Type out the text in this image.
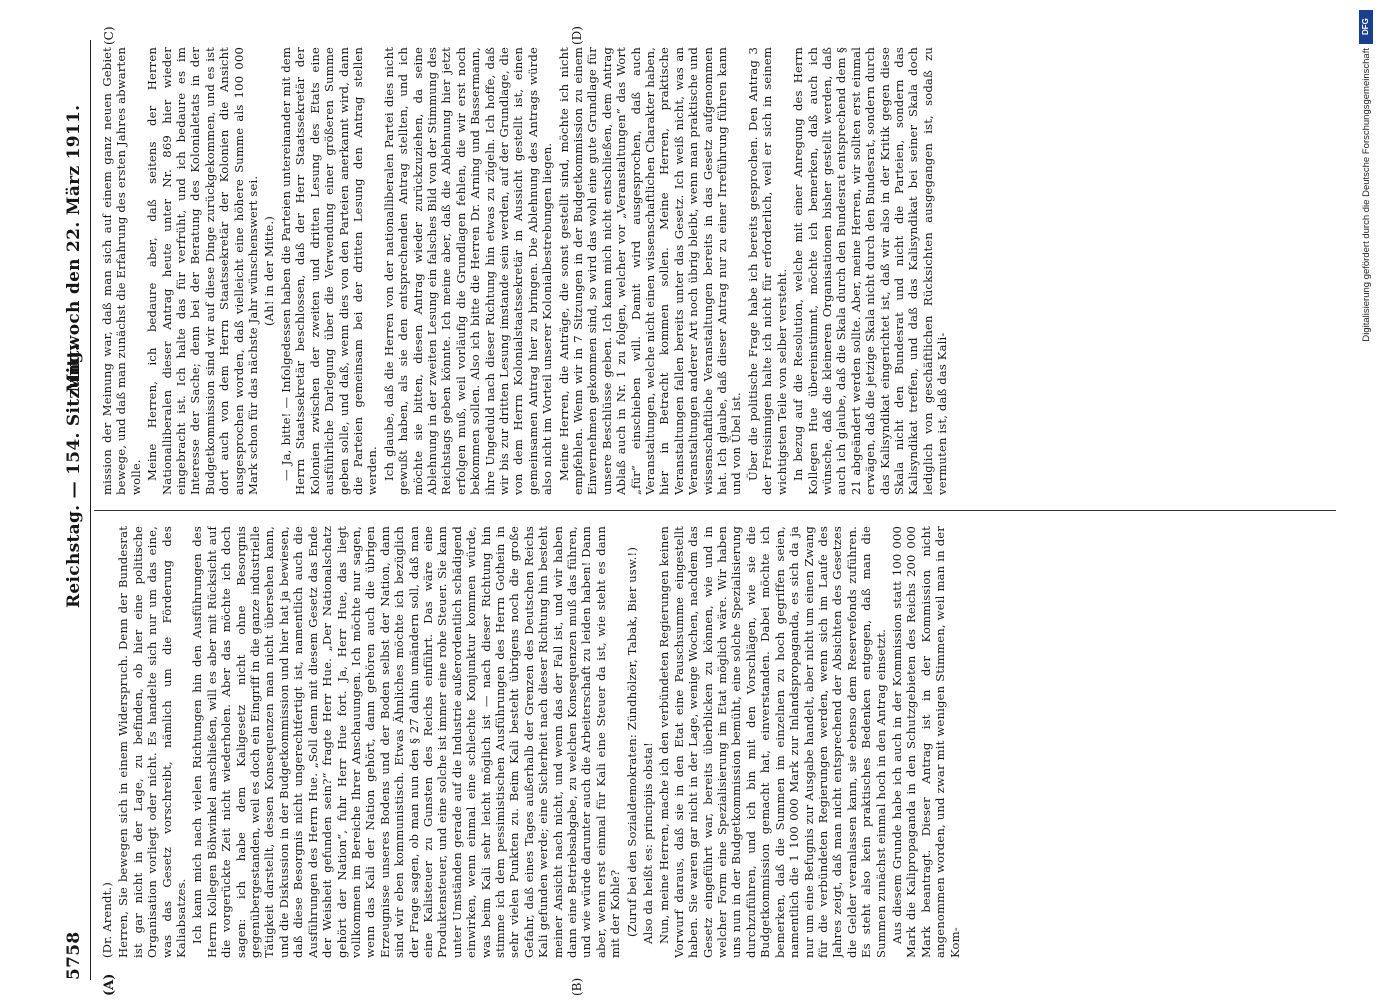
5758
Reichstag. — 154. Sitzung.
Mittwoch den 22. März 1911.
(A)	(B)
(C)	(D)

(Dr. Arendt.) Herren, Sie bewegen sich in einem Widerspruch. Denn der Bundesrat ist gar nicht in der Lage, zu befinden, ob hier eine politische Organisation vorliegt oder nicht. Es handelte sich nur um das eine, was das Gesetz vorschreibt, nämlich um die Förderung des Kaliabsatzes. Ich kann mich nach vielen Richtungen hin den Ausführungen des Herrn Kollegen Böhwinkel anschließen, will es aber mit Rücksicht auf die vorgerückte Zeit nicht wiederholen. Aber das möchte ich doch sagen: ich habe dem Kaligesetz nicht ohne Besorgnis gegenübergestanden, weil es doch ein Eingriff in die ganze industrielle Tätigkeit darstellt, dessen Konsequenzen man nicht übersehen kann, und die Diskussion in der Budgetkommission und hier hat ja bewiesen, daß diese Besorgnis nicht ungerechtfertigt ist, namentlich auch die Ausführungen des Herrn Hue. „Soll denn mit diesem Gesetz das Ende der Weisheit gefunden sein?“ fragte Herr Hue. „Der Nationalschatz gehört der Nation“, fuhr Herr Hue fort. Ja, Herr Hue, das liegt vollkommen im Bereiche Ihrer Anschauungen. Ich möchte nur sagen, wenn das Kali der Nation gehört, dann gehören auch die übrigen Erzeugnisse unseres Bodens und der Boden selbst der Nation, dann sind wir eben kommunistisch. Etwas Ähnliches möchte ich bezüglich der Frage sagen, ob man nun den § 27 dahin umändern soll, daß man eine Kalisteuer zu Gunsten des Reichs einführt. Das wäre eine Produktensteuer, und eine solche ist immer eine rohe Steuer. Sie kann unter Umständen gerade auf die Industrie außerordentlich schädigend einwirken, wenn einmal eine schlechte Konjunktur kommen würde, was beim Kali sehr leicht möglich ist — nach dieser Richtung hin stimme ich dem pessimistischen Ausführungen des Herrn Gothein in sehr vielen Punkten zu. Beim Kali besteht übrigens noch die große Gefahr, daß eines Tages außerhalb der Grenzen des Deutschen Reichs Kali gefunden werde; eine Sicherheit nach dieser Richtung hin besteht meiner Ansicht nach nicht, und wenn das der Fall ist, und wir haben dann eine Betriebsabgabe, zu welchen Konsequenzen muß das führen, und wie würde darunter auch die Arbeiterschaft zu leiden haben! Dann aber, wenn erst einmal für Kali eine Steuer da ist, wie steht es dann mit der Kohle? (Zuruf bei den Sozialdemokraten: Zündhölzer, Tabak, Bier usw.!) Also da heißt es: principiis obsta! Nun, meine Herren, mache ich den verbündeten Regierungen keinen Vorwurf daraus, daß sie in den Etat eine Pauschsumme eingestellt haben. Sie waren gar nicht in der Lage, wenige Wochen, nachdem das Gesetz eingeführt war, bereits überblicken zu können, wie und in welcher Form eine Spezialisierung im Etat möglich wäre. Wir haben uns nun in der Budgetkommission bemüht, eine solche Spezialisierung durchzuführen, und ich bin mit den Vorschlägen, wie sie die Budgetkommission gemacht hat, einverstanden. Dabei möchte ich bemerken, daß die Summen im einzelnen zu hoch gegriffen seien, namentlich die 1 100 000 Mark zur Inlandspropaganda, es sich da ja nur um eine Befugnis zur Ausgabe handelt, aber nicht um einen Zwang für die verbündeten Regierungen werden, wenn sich im Laufe des Jahres zeigt, daß man nicht entsprechend der Absichten des Gesetzes die Gelder veranlassen kann, sie ebenso dem Reservefonds zuführen. Es steht also kein praktisches Bedenken entgegen, daß man die Summen zunächst einmal hoch in den Antrag einsetzt. Aus diesem Grunde habe ich auch in der Kommission statt 100 000 Mark die Kalipropaganda in den Schutzgebieten des Reichs 200 000 Mark beantragt. Dieser Antrag ist in der Kommission nicht angenommen worden, und zwar mit wenigen Stimmen, weil man in der Kom-

mission der Meinung war, daß man sich auf einem ganz neuen Gebiet bewege, und daß man zunächst die Erfahrung des ersten Jahres abwarten wolle. Meine Herren, ich bedaure aber, daß seitens der Herren Nationalliberalen dieser Antrag heute unter Nr. 869 hier wieder eingebracht ist. Ich halte das für verfrüht, und ich bedaure es im Interesse der Sache; denn bei der Beratung des Kolonialetats in der Budgetkommission sind wir auf diese Dinge zurückgekommen, und es ist dort auch von dem Herrn Staatssekretär der Kolonien die Ansicht ausgesprochen worden, daß vielleicht eine höhere Summe als 100 000 Mark schon für das nächste Jahr wünschenswert sei. (Ah! in der Mitte.) — Ja, bitte! — Infolgedessen haben die Parteien untereinander mit dem Herrn Staatssekretär beschlossen, daß der Herr Staatssekretär der Kolonien zwischen der zweiten und dritten Lesung des Etats eine ausführliche Darlegung über die Verwendung einer größeren Summe geben solle, und daß, wenn dies von den Parteien anerkannt wird, dann die Parteien gemeinsam bei der dritten Lesung den Antrag stellen werden. Ich glaube, daß die Herren von der nationalliberalen Partei dies nicht gewußt haben, als sie den entsprechenden Antrag stellten, und ich möchte sie bitten, diesen Antrag wieder zurückzuziehen, da seine Ablehnung in der zweiten Lesung ein falsches Bild von der Stimmung des Reichstags geben könnte. Ich meine aber, daß die Ablehnung hier jetzt erfolgen muß, weil vorläufig die Grundlagen fehlen, die wir erst noch bekommen sollen. Also ich bitte die Herren Dr. Arning und Bassermann, ihre Ungeduld nach dieser Richtung hin etwas zu zügeln. Ich hoffe, daß wir bis zur dritten Lesung imstande sein werden, auf der Grundlage, die von dem Herrn Kolonialstaatssekretär in Aussicht gestellt ist, einen gemeinsamen Antrag hier zu bringen. Die Ablehnung des Antrags würde also nicht im Vorteil unserer Kolonialbestrebungen liegen. Meine Herren, die Anträge, die sonst gestellt sind, möchte ich nicht empfehlen. Wenn wir in 7 Sitzungen in der Budgetkommission zu einem Einvernehmen gekommen sind, so wird das wohl eine gute Grundlage für unsere Beschlüsse geben. Ich kann mich nicht entschließen, dem Antrag Ablaß auch in Nr. 1 zu folgen, welcher vor „Veranstaltungen“ das Wort „für“ einschieben will. Damit wird ausgesprochen, daß auch Veranstaltungen, welche nicht einen wissenschaftlichen Charakter haben, hier in Betracht kommen sollen. Meine Herren, praktische Veranstaltungen fallen bereits unter das Gesetz. Ich weiß nicht, was an Veranstaltungen anderer Art noch übrig bleibt, wenn man praktische und wissenschaftliche Veranstaltungen bereits in das Gesetz aufgenommen hat. Ich glaube, daß dieser Antrag nur zu einer Irreführung führen kann und von Übel ist. Über die politische Frage habe ich bereits gesprochen. Den Antrag 3 der Freisinnigen halte ich nicht für erforderlich, weil er sich in seinem wichtigsten Teile von selber versteht. In bezug auf die Resolution, welche mit einer Anregung des Herrn Kollegen Hue übereinstimmt, möchte ich bemerken, daß auch ich wünsche, daß die kleineren Organisationen bisher gestellt werden, daß auch ich glaube, daß die Skala durch den Bundesrat entsprechend dem § 21 abgeändert werden sollte. Aber, meine Herren, wir sollten erst einmal erwägen, daß die jetzige Skala nicht durch den Bundesrat, sondern durch das Kalisyndikat eingerichtet ist, daß wir also in der Kritik gegen diese Skala nicht den Bundesrat und nicht die Parteien, sondern das Kalisyndikat treffen, und daß das Kalisyndikat bei seiner Skala doch lediglich von geschäftlichen Rücksichten ausgegangen ist, sodaß zu vermuten ist, daß das Kali-

DFG
Digitalisierung gefördert durch die Deutsche Forschungsgemeinschaft
